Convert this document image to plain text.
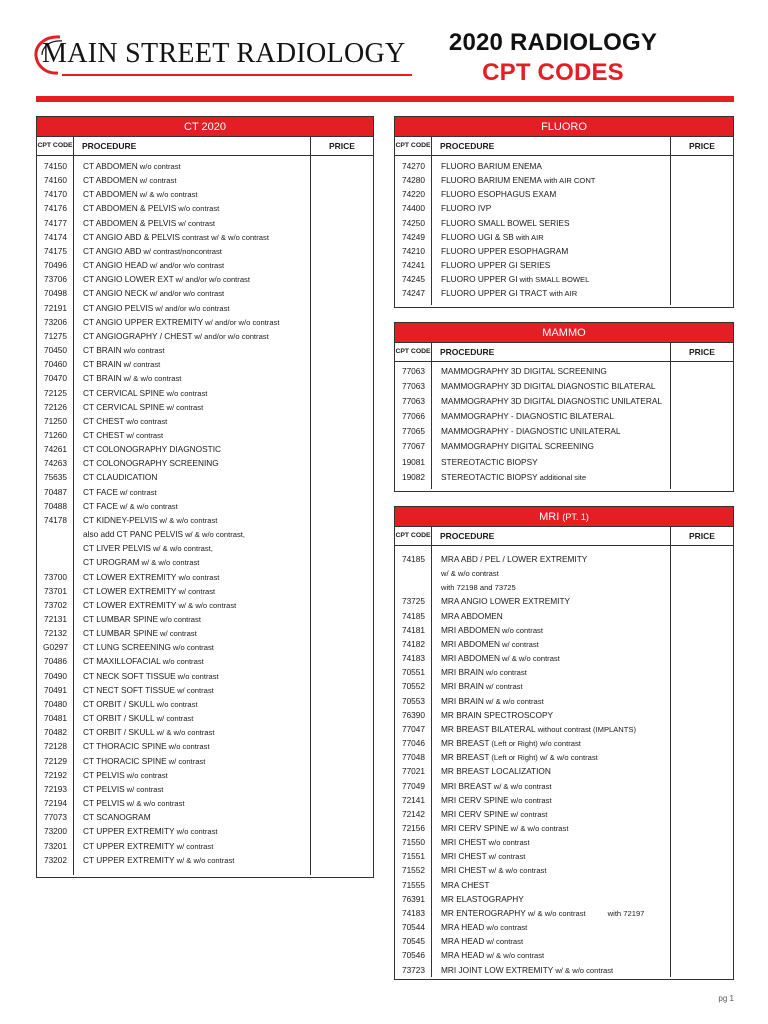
MAIN STREET RADIOLOGY	2020 RADIOLOGY
CPT CODES
CT 2020
CPT CODE	PROCEDURE	PRICE
74150	CT ABDOMEN w/o contrast
74160	CT ABDOMEN w/ contrast
74170	CT ABDOMEN w/ & w/o contrast
74176	CT ABDOMEN & PELVIS w/o contrast
74177	CT ABDOMEN & PELVIS w/ contrast
74174	CT ANGIO ABD & PELVIS contrast w/ & w/o contrast
74175	CT ANGIO ABD w/ contrast/noncontrast
70496	CT ANGIO HEAD w/ and/or w/o contrast
73706	CT ANGIO LOWER EXT w/ and/or w/o contrast
70498	CT ANGIO NECK w/ and/or w/o contrast
72191	CT ANGIO PELVIS w/ and/or w/o contrast
73206	CT ANGIO UPPER EXTREMITY w/ and/or w/o contrast
71275	CT ANGIOGRAPHY / CHEST w/ and/or w/o contrast
70450	CT BRAIN w/o contrast
70460	CT BRAIN w/ contrast
70470	CT BRAIN w/ & w/o contrast
72125	CT CERVICAL SPINE w/o contrast
72126	CT CERVICAL SPINE w/ contrast
71250	CT CHEST w/o contrast
71260	CT CHEST w/ contrast
74261	CT COLONOGRAPHY DIAGNOSTIC
74263	CT COLONOGRAPHY SCREENING
75635	CT CLAUDICATION
70487	CT FACE w/ contrast
70488	CT FACE w/ & w/o contrast
74178	CT KIDNEY-PELVIS w/ & w/o contrast
also add CT PANC PELVIS w/ & w/o contrast,
CT LIVER PELVIS w/ & w/o contrast,
CT UROGRAM w/ & w/o contrast
73700	CT LOWER EXTREMITY w/o contrast
73701	CT LOWER EXTREMITY w/ contrast
73702	CT LOWER EXTREMITY w/ & w/o contrast
72131	CT LUMBAR SPINE w/o contrast
72132	CT LUMBAR SPINE w/ contrast
G0297	CT LUNG SCREENING w/o contrast
70486	CT MAXILLOFACIAL w/o contrast
70490	CT NECK SOFT TISSUE w/o contrast
70491	CT NECT SOFT TISSUE w/ contrast
70480	CT ORBIT / SKULL w/o contrast
70481	CT ORBIT / SKULL w/ contrast
70482	CT ORBIT / SKULL w/ & w/o contrast
72128	CT THORACIC SPINE w/o contrast
72129	CT THORACIC SPINE w/ contrast
72192	CT PELVIS w/o contrast
72193	CT PELVIS w/ contrast
72194	CT PELVIS w/ & w/o contrast
77073	CT SCANOGRAM
73200	CT UPPER EXTREMITY w/o contrast
73201	CT UPPER EXTREMITY w/ contrast
73202	CT UPPER EXTREMITY w/ & w/o contrast
FLUORO
CPT CODE	PROCEDURE	PRICE
74270	FLUORO BARIUM ENEMA
74280	FLUORO BARIUM ENEMA with AIR CONT
74220	FLUORO ESOPHAGUS EXAM
74400	FLUORO IVP
74250	FLUORO SMALL BOWEL SERIES
74249	FLUORO UGI & SB with AIR
74210	FLUORO UPPER ESOPHAGRAM
74241	FLUORO UPPER GI SERIES
74245	FLUORO UPPER GI with SMALL BOWEL
74247	FLUORO UPPER GI TRACT with AIR
MAMMO
CPT CODE	PROCEDURE	PRICE
77063	MAMMOGRAPHY 3D DIGITAL SCREENING
77063	MAMMOGRAPHY 3D DIGITAL DIAGNOSTIC BILATERAL
77063	MAMMOGRAPHY 3D DIGITAL DIAGNOSTIC UNILATERAL
77066	MAMMOGRAPHY - DIAGNOSTIC BILATERAL
77065	MAMMOGRAPHY - DIAGNOSTIC UNILATERAL
77067	MAMMOGRAPHY DIGITAL SCREENING
19081	STEREOTACTIC BIOPSY
19082	STEREOTACTIC BIOPSY additional site
MRI (PT. 1)
CPT CODE	PROCEDURE	PRICE
74185	MRA ABD / PEL / LOWER EXTREMITY
w/ & w/o contrast
with 72198 and 73725
73725	MRA ANGIO LOWER EXTREMITY
74185	MRA ABDOMEN
74181	MRI ABDOMEN w/o contrast
74182	MRI ABDOMEN w/ contrast
74183	MRI ABDOMEN w/ & w/o contrast
70551	MRI BRAIN w/o contrast
70552	MRI BRAIN w/ contrast
70553	MRI BRAIN w/ & w/o contrast
76390	MR BRAIN SPECTROSCOPY
77047	MR BREAST BILATERAL without contrast (IMPLANTS)
77046	MR BREAST (Left or Right) w/o contrast
77048	MR BREAST (Left or Right) w/ & w/o contrast
77021	MR BREAST LOCALIZATION
77049	MRI BREAST w/ & w/o contrast
72141	MRI CERV SPINE w/o contrast
72142	MRI CERV SPINE w/ contrast
72156	MRI CERV SPINE w/ & w/o contrast
71550	MRI CHEST w/o contrast
71551	MRI CHEST w/ contrast
71552	MRI CHEST w/ & w/o contrast
71555	MRA CHEST
76391	MR ELASTOGRAPHY
74183	MR ENTEROGRAPHY w/ & w/o contrast	with 72197
70544	MRA HEAD w/o contrast
70545	MRA HEAD w/ contrast
70546	MRA HEAD w/ & w/o contrast
73723	MRI JOINT LOW EXTREMITY w/ & w/o contrast
pg 1
